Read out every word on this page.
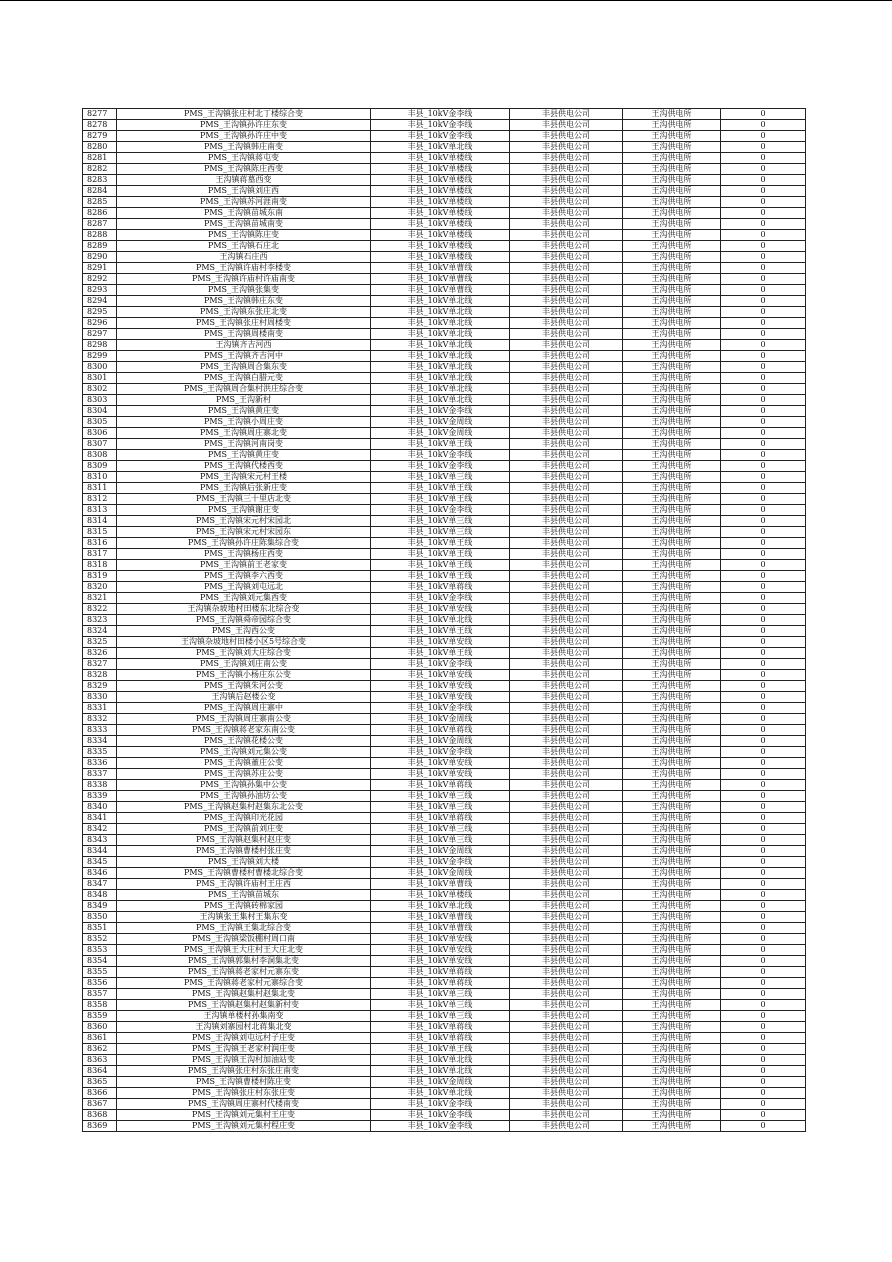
8277	PMS_王沟镇张庄村北丁楼综合变	丰县_10kV金李线	丰县供电公司	王沟供电所	0
8278	PMS_王沟镇孙许庄东变	丰县_10kV金李线	丰县供电公司	王沟供电所	0
8279	PMS_王沟镇孙许庄中变	丰县_10kV金李线	丰县供电公司	王沟供电所	0
8280	PMS_王沟镇韩庄南变	丰县_10kV单北线	丰县供电公司	王沟供电所	0
8281	PMS_王沟镇蒋屯变	丰县_10kV单楼线	丰县供电公司	王沟供电所	0
8282	PMS_王沟镇陈庄西变	丰县_10kV单楼线	丰县供电公司	王沟供电所	0
8283	王沟镇蒋墓西变	丰县_10kV单楼线	丰县供电公司	王沟供电所	0
8284	PMS_王沟镇刘庄西	丰县_10kV单楼线	丰县供电公司	王沟供电所	0
8285	PMS_王沟镇苏河涯南变	丰县_10kV单楼线	丰县供电公司	王沟供电所	0
8286	PMS_王沟镇苗城东南	丰县_10kV单楼线	丰县供电公司	王沟供电所	0
8287	PMS_王沟镇苗城南变	丰县_10kV单楼线	丰县供电公司	王沟供电所	0
8288	PMS_王沟镇陈庄变	丰县_10kV单楼线	丰县供电公司	王沟供电所	0
8289	PMS_王沟镇石庄北	丰县_10kV单楼线	丰县供电公司	王沟供电所	0
8290	王沟镇石庄西	丰县_10kV单楼线	丰县供电公司	王沟供电所	0
8291	PMS_王沟镇许庙村李楼变	丰县_10kV单曹线	丰县供电公司	王沟供电所	0
8292	PMS_王沟镇许庙村许庙南变	丰县_10kV单曹线	丰县供电公司	王沟供电所	0
8293	PMS_王沟镇张集变	丰县_10kV单曹线	丰县供电公司	王沟供电所	0
8294	PMS_王沟镇韩庄东变	丰县_10kV单北线	丰县供电公司	王沟供电所	0
8295	PMS_王沟镇东张庄北变	丰县_10kV单北线	丰县供电公司	王沟供电所	0
8296	PMS_王沟镇张庄村周楼变	丰县_10kV单北线	丰县供电公司	王沟供电所	0
8297	PMS_王沟镇周楼南变	丰县_10kV单北线	丰县供电公司	王沟供电所	0
8298	王沟镇齐吉河西	丰县_10kV单北线	丰县供电公司	王沟供电所	0
8299	PMS_王沟镇齐吉河中	丰县_10kV单北线	丰县供电公司	王沟供电所	0
8300	PMS_王沟镇周合集东变	丰县_10kV单北线	丰县供电公司	王沟供电所	0
8301	PMS_王沟镇白腊元变	丰县_10kV单北线	丰县供电公司	王沟供电所	0
8302	PMS_王沟镇周合集村洪庄综合变	丰县_10kV单北线	丰县供电公司	王沟供电所	0
8303	PMS_王沟新村	丰县_10kV单北线	丰县供电公司	王沟供电所	0
8304	PMS_王沟镇黄庄变	丰县_10kV金李线	丰县供电公司	王沟供电所	0
8305	PMS_王沟镇小周庄变	丰县_10kV金周线	丰县供电公司	王沟供电所	0
8306	PMS_王沟镇周庄寨北变	丰县_10kV金周线	丰县供电公司	王沟供电所	0
8307	PMS_王沟镇河南岗变	丰县_10kV单王线	丰县供电公司	王沟供电所	0
8308	PMS_王沟镇黄庄变	丰县_10kV金李线	丰县供电公司	王沟供电所	0
8309	PMS_王沟镇代楼西变	丰县_10kV金李线	丰县供电公司	王沟供电所	0
8310	PMS_王沟镇宋元村王楼	丰县_10kV单三线	丰县供电公司	王沟供电所	0
8311	PMS_王沟镇后张新庄变	丰县_10kV单王线	丰县供电公司	王沟供电所	0
8312	PMS_王沟镇三十里店北变	丰县_10kV单王线	丰县供电公司	王沟供电所	0
8313	PMS_王沟镇谢庄变	丰县_10kV金李线	丰县供电公司	王沟供电所	0
8314	PMS_王沟镇宋元村宋园北	丰县_10kV单三线	丰县供电公司	王沟供电所	0
8315	PMS_王沟镇宋元村宋园东	丰县_10kV单三线	丰县供电公司	王沟供电所	0
8316	PMS_王沟镇孙许庄陈集综合变	丰县_10kV单王线	丰县供电公司	王沟供电所	0
8317	PMS_王沟镇杨庄西变	丰县_10kV单王线	丰县供电公司	王沟供电所	0
8318	PMS_王沟镇前王老家变	丰县_10kV单王线	丰县供电公司	王沟供电所	0
8319	PMS_王沟镇李六西变	丰县_10kV单王线	丰县供电公司	王沟供电所	0
8320	PMS_王沟镇刘屯远北	丰县_10kV单蒋线	丰县供电公司	王沟供电所	0
8321	PMS_王沟镇刘元集西变	丰县_10kV金李线	丰县供电公司	王沟供电所	0
8322	王沟镇杂坡地村田楼东北综合变	丰县_10kV单安线	丰县供电公司	王沟供电所	0
8323	PMS_王沟镇舜帝园综合变	丰县_10kV单北线	丰县供电公司	王沟供电所	0
8324	PMS_王沟西公变	丰县_10kV单王线	丰县供电公司	王沟供电所	0
8325	王沟镇杂坡地村田楼小区5号综合变	丰县_10kV单安线	丰县供电公司	王沟供电所	0
8326	PMS_王沟镇刘大庄综合变	丰县_10kV单王线	丰县供电公司	王沟供电所	0
8327	PMS_王沟镇刘庄南公变	丰县_10kV金李线	丰县供电公司	王沟供电所	0
8328	PMS_王沟镇小杨庄东公变	丰县_10kV单安线	丰县供电公司	王沟供电所	0
8329	PMS_王沟镇朱河公变	丰县_10kV单安线	丰县供电公司	王沟供电所	0
8330	王沟镇后赵楼公变	丰县_10kV单安线	丰县供电公司	王沟供电所	0
8331	PMS_王沟镇周庄寨中	丰县_10kV金李线	丰县供电公司	王沟供电所	0
8332	PMS_王沟镇周庄寨南公变	丰县_10kV金周线	丰县供电公司	王沟供电所	0
8333	PMS_王沟镇蒋老家东南公变	丰县_10kV单蒋线	丰县供电公司	王沟供电所	0
8334	PMS_王沟镇花楼公变	丰县_10kV金周线	丰县供电公司	王沟供电所	0
8335	PMS_王沟镇刘元集公变	丰县_10kV金李线	丰县供电公司	王沟供电所	0
8336	PMS_王沟镇董庄公变	丰县_10kV单安线	丰县供电公司	王沟供电所	0
8337	PMS_王沟镇苏庄公变	丰县_10kV单安线	丰县供电公司	王沟供电所	0
8338	PMS_王沟镇孙集中公变	丰县_10kV单蒋线	丰县供电公司	王沟供电所	0
8339	PMS_王沟镇孙油坊公变	丰县_10kV单三线	丰县供电公司	王沟供电所	0
8340	PMS_王沟镇赵集村赵集东北公变	丰县_10kV单三线	丰县供电公司	王沟供电所	0
8341	PMS_王沟镇印光花园	丰县_10kV单蒋线	丰县供电公司	王沟供电所	0
8342	PMS_王沟镇前刘庄变	丰县_10kV单三线	丰县供电公司	王沟供电所	0
8343	PMS_王沟镇赵集村赵庄变	丰县_10kV单三线	丰县供电公司	王沟供电所	0
8344	PMS_王沟镇曹楼村张庄变	丰县_10kV金周线	丰县供电公司	王沟供电所	0
8345	PMS_王沟镇刘大楼	丰县_10kV金李线	丰县供电公司	王沟供电所	0
8346	PMS_王沟镇曹楼村曹楼北综合变	丰县_10kV金周线	丰县供电公司	王沟供电所	0
8347	PMS_王沟镇许庙村王庄西	丰县_10kV单曹线	丰县供电公司	王沟供电所	0
8348	PMS_王沟镇苗城东	丰县_10kV单楼线	丰县供电公司	王沟供电所	0
8349	PMS_王沟镇砖棉家园	丰县_10kV单北线	丰县供电公司	王沟供电所	0
8350	王沟镇张王集村王集东变	丰县_10kV单曹线	丰县供电公司	王沟供电所	0
8351	PMS_王沟镇王集北综合变	丰县_10kV单曹线	丰县供电公司	王沟供电所	0
8352	PMS_王沟镇梁饭棚村周口南	丰县_10kV单安线	丰县供电公司	王沟供电所	0
8353	PMS_王沟镇王大庄村王大庄北变	丰县_10kV单安线	丰县供电公司	王沟供电所	0
8354	PMS_王沟镇郭集村李洞集北变	丰县_10kV单安线	丰县供电公司	王沟供电所	0
8355	PMS_王沟镇蒋老家村元寨东变	丰县_10kV单蒋线	丰县供电公司	王沟供电所	0
8356	PMS_王沟镇蒋老家村元寨综合变	丰县_10kV单蒋线	丰县供电公司	王沟供电所	0
8357	PMS_王沟镇赵集村赵集北变	丰县_10kV单三线	丰县供电公司	王沟供电所	0
8358	PMS_王沟镇赵集村赵集新村变	丰县_10kV单三线	丰县供电公司	王沟供电所	0
8359	王沟镇单楼村孙集南变	丰县_10kV单三线	丰县供电公司	王沟供电所	0
8360	王沟镇刘寨园村北蒋集北变	丰县_10kV单蒋线	丰县供电公司	王沟供电所	0
8361	PMS_王沟镇刘屯远村子庄变	丰县_10kV单蒋线	丰县供电公司	王沟供电所	0
8362	PMS_王沟镇王老家村润庄变	丰县_10kV单王线	丰县供电公司	王沟供电所	0
8363	PMS_王沟镇王沟村加油站变	丰县_10kV单北线	丰县供电公司	王沟供电所	0
8364	PMS_王沟镇张庄村东张庄南变	丰县_10kV单北线	丰县供电公司	王沟供电所	0
8365	PMS_王沟镇曹楼村陈庄变	丰县_10kV金周线	丰县供电公司	王沟供电所	0
8366	PMS_王沟镇张庄村东张庄变	丰县_10kV单北线	丰县供电公司	王沟供电所	0
8367	PMS_王沟镇周庄寨村代楼南变	丰县_10kV金李线	丰县供电公司	王沟供电所	0
8368	PMS_王沟镇刘元集村王庄变	丰县_10kV金李线	丰县供电公司	王沟供电所	0
8369	PMS_王沟镇刘元集村程庄变	丰县_10kV金李线	丰县供电公司	王沟供电所	0
